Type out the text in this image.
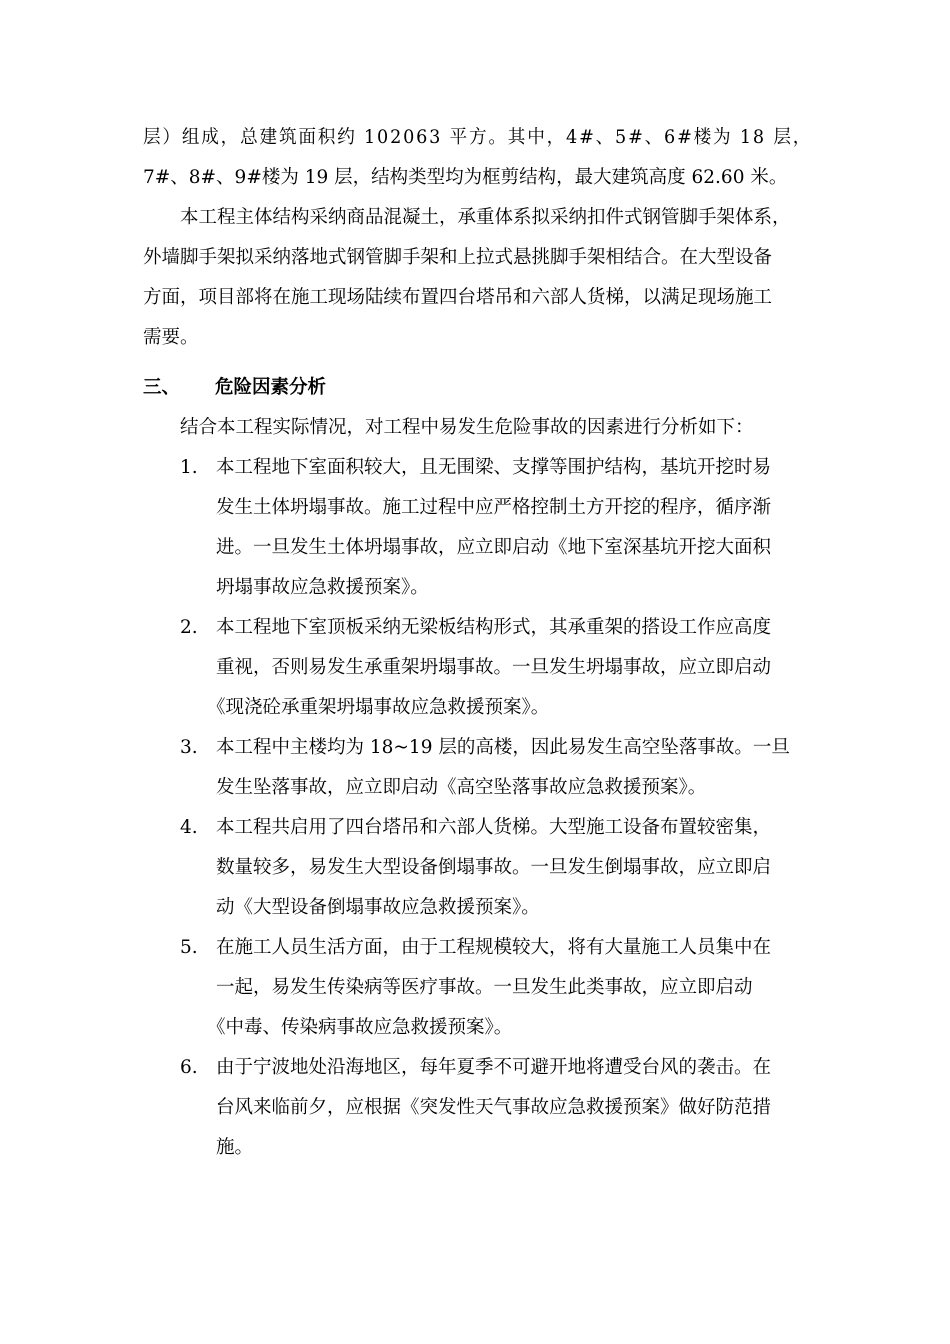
层）组成，总建筑面积约 102063 平方。其中，4#、5#、6#楼为 18 层，
7#、8#、9#楼为 19 层，结构类型均为框剪结构，最大建筑高度 62.60 米。
本工程主体结构采纳商品混凝土，承重体系拟采纳扣件式钢管脚手架体系，
外墙脚手架拟采纳落地式钢管脚手架和上拉式悬挑脚手架相结合。在大型设备
方面，项目部将在施工现场陆续布置四台塔吊和六部人货梯，以满足现场施工
需要。
三、 危险因素分析
结合本工程实际情况，对工程中易发生危险事故的因素进行分析如下：
1. 本工程地下室面积较大，且无围梁、支撑等围护结构，基坑开挖时易
发生土体坍塌事故。施工过程中应严格控制土方开挖的程序，循序渐
进。一旦发生土体坍塌事故，应立即启动《地下室深基坑开挖大面积
坍塌事故应急救援预案》。
2. 本工程地下室顶板采纳无梁板结构形式，其承重架的搭设工作应高度
重视，否则易发生承重架坍塌事故。一旦发生坍塌事故，应立即启动
《现浇砼承重架坍塌事故应急救援预案》。
3. 本工程中主楼均为 18~19 层的高楼，因此易发生高空坠落事故。一旦
发生坠落事故，应立即启动《高空坠落事故应急救援预案》。
4. 本工程共启用了四台塔吊和六部人货梯。大型施工设备布置较密集，
数量较多，易发生大型设备倒塌事故。一旦发生倒塌事故，应立即启
动《大型设备倒塌事故应急救援预案》。
5. 在施工人员生活方面，由于工程规模较大，将有大量施工人员集中在
一起，易发生传染病等医疗事故。一旦发生此类事故，应立即启动
《中毒、传染病事故应急救援预案》。
6. 由于宁波地处沿海地区，每年夏季不可避开地将遭受台风的袭击。在
台风来临前夕，应根据《突发性天气事故应急救援预案》做好防范措
施。
